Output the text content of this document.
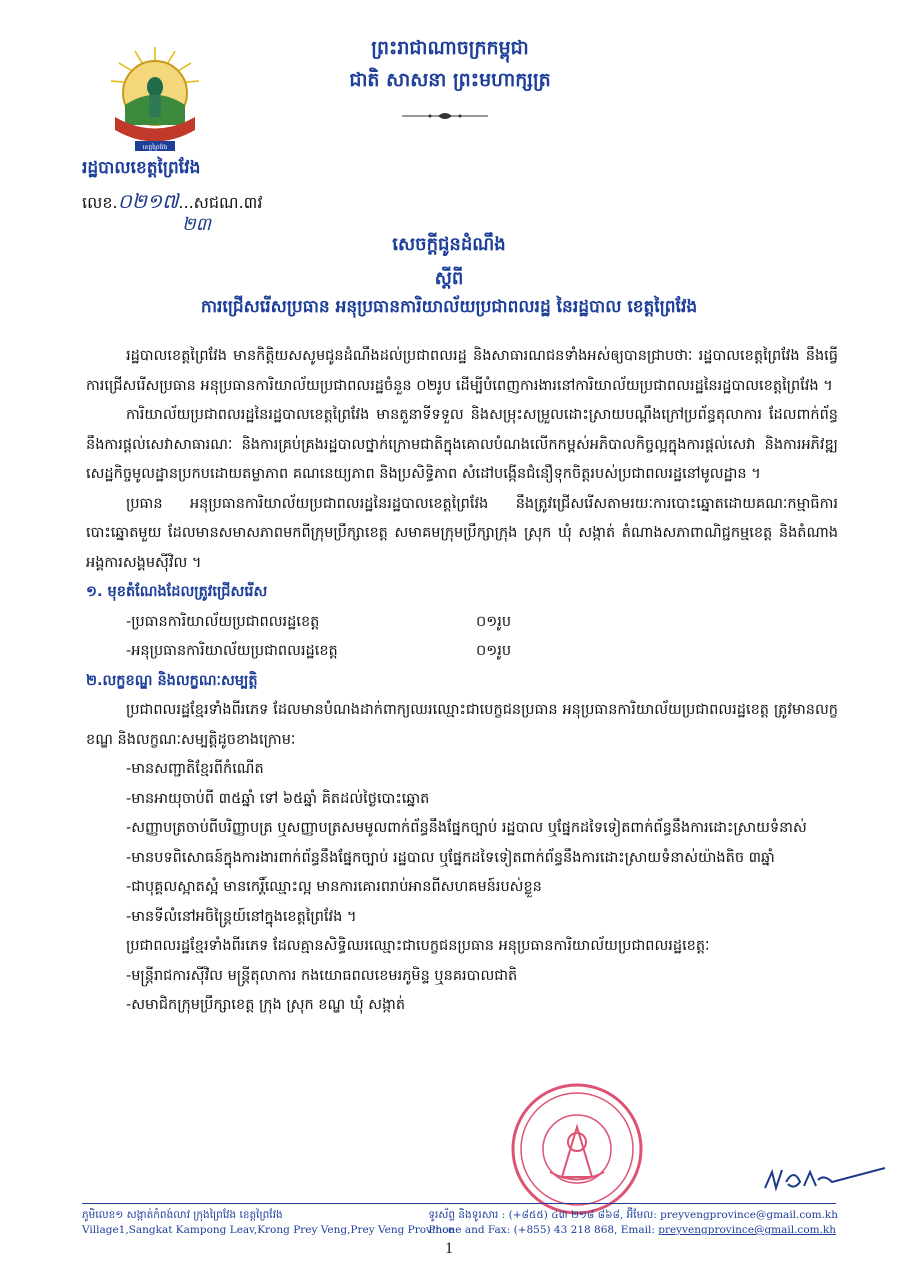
ព្រះរាជាណាចក្រកម្ពុជា
ជាតិ សាសនា ព្រះមហាក្សត្រ
ខេត្តព្រៃវែង
រដ្ឋបាលខេត្តព្រៃវែង
លេខ.០២១៧...សជណ.៣វ
២៣
សេចក្តីជូនដំណឹង
ស្តីពី
ការជ្រើសរើសប្រធាន អនុប្រធានការិយាល័យប្រជាពលរដ្ឋ នៃរដ្ឋបាល ខេត្តព្រៃវែង

រដ្ឋបាលខេត្តព្រៃវែង មានកិត្តិយសសូមជូនដំណឹងដល់ប្រជាពលរដ្ឋ និងសាធារណជនទាំងអស់ឲ្យបានជ្រាបថាៈ រដ្ឋបាលខេត្តព្រៃវែង នឹងធ្វើការជ្រើសរើសប្រធាន អនុប្រធានការិយាល័យប្រជាពលរដ្ឋចំនួន ០២រូប ដើម្បីបំពេញការងារនៅការិយាល័យប្រជាពលរដ្ឋនៃរដ្ឋបាលខេត្តព្រៃវែង ។

ការិយាល័យប្រជាពលរដ្ឋនៃរដ្ឋបាលខេត្តព្រៃវែង មានតួនាទីទទួល និងសម្រុះសម្រួលដោះស្រាយបណ្តឹងក្រៅប្រព័ន្ធតុលាការ ដែលពាក់ព័ន្ធនឹងការផ្តល់សេវាសាធារណៈ និងការគ្រប់គ្រងរដ្ឋបាលថ្នាក់ក្រោមជាតិក្នុងគោលបំណងលើកកម្ពស់អភិបាលកិច្ចល្អក្នុងការផ្តល់សេវា និងការអភិវឌ្ឍសេដ្ឋកិច្ចមូលដ្ឋានប្រកបដោយតម្លាភាព គណនេយ្យភាព និងប្រសិទ្ធិភាព សំដៅបង្កើនជំនឿទុកចិត្តរបស់ប្រជាពលរដ្ឋនៅមូលដ្ឋាន ។

ប្រធាន អនុប្រធានការិយាល័យប្រជាពលរដ្ឋនៃរដ្ឋបាលខេត្តព្រៃវែង នឹងត្រូវជ្រើសរើសតាមរយៈការបោះឆ្នោតដោយគណៈកម្មាធិការបោះឆ្នោតមួយ ដែលមានសមាសភាពមកពីក្រុមប្រឹក្សាខេត្ត សមាគមក្រុមប្រឹក្សាក្រុង ស្រុក ឃុំ សង្កាត់ តំណាងសភាពាណិជ្ជកម្មខេត្ត និងតំណាងអង្គការសង្គមស៊ីវិល ។

១. មុខតំណែងដែលត្រូវជ្រើសរើស
-ប្រធានការិយាល័យប្រជាពលរដ្ឋខេត្ត	០១រូប
-អនុប្រធានការិយាល័យប្រជាពលរដ្ឋខេត្ត	០១រូប
២.លក្ខខណ្ឌ និងលក្ខណៈសម្បត្តិ

ប្រជាពលរដ្ឋខ្មែរទាំងពីរភេទ ដែលមានបំណងដាក់ពាក្យឈរឈ្មោះជាបេក្ខជនប្រធាន អនុប្រធានការិយាល័យប្រជាពលរដ្ឋខេត្ត ត្រូវមានលក្ខខណ្ឌ និងលក្ខណៈសម្បត្តិដូចខាងក្រោមៈ

-មានសញ្ជាតិខ្មែរពីកំណើត
-មានអាយុចាប់ពី ៣៥ឆ្នាំ ទៅ ៦៥ឆ្នាំ គិតដល់ថ្ងៃបោះឆ្នោត
-សញ្ញាបត្រចាប់ពីបរិញ្ញាបត្រ ឬសញ្ញាបត្រសមមូលពាក់ព័ន្ធនឹងផ្នែកច្បាប់ រដ្ឋបាល ឬផ្នែកដទៃទៀតពាក់ព័ន្ធនឹងការដោះស្រាយទំនាស់
-មានបទពិសោធន៍ក្នុងការងារពាក់ព័ន្ធនឹងផ្នែកច្បាប់ រដ្ឋបាល ឬផ្នែកដទៃទៀតពាក់ព័ន្ធនឹងការដោះស្រាយទំនាស់យ៉ាងតិច ៣ឆ្នាំ
-ជាបុគ្គលស្អាតស្អំ មានកេរ្តិ៍ឈ្មោះល្អ មានការគោរពរាប់អានពីសហគមន៍របស់ខ្លួន
-មានទីលំនៅអចិន្ត្រៃយ៍នៅក្នុងខេត្តព្រៃវែង ។

ប្រជាពលរដ្ឋខ្មែរទាំងពីរភេទ ដែលគ្មានសិទ្ធិឈរឈ្មោះជាបេក្ខជនប្រធាន អនុប្រធានការិយាល័យប្រជាពលរដ្ឋខេត្តៈ

-មន្ត្រីរាជការស៊ីវិល មន្ត្រីតុលាការ កងយោធពលខេមរភូមិន្ទ ឬនគរបាលជាតិ
-សមាជិកក្រុមប្រឹក្សាខេត្ត ក្រុង ស្រុក ខណ្ឌ ឃុំ សង្កាត់
ភូមិលេខ១ សង្កាត់កំពង់លាវ ក្រុងព្រៃវែង ខេត្តព្រៃវែង
Village1,Sangkat Kampong Leav,Krong Prey Veng,Prey Veng Province
ទូរស័ព្ទ និងទូរសារ : (+៨៥៥) ៤៣ ២១៨ ៨៦៨, អ៊ីមែល: preyvengprovince@gmail.com.kh
Phone and Fax: (+855) 43 218 868, Email: preyvengprovince@gmail.com.kh
1
